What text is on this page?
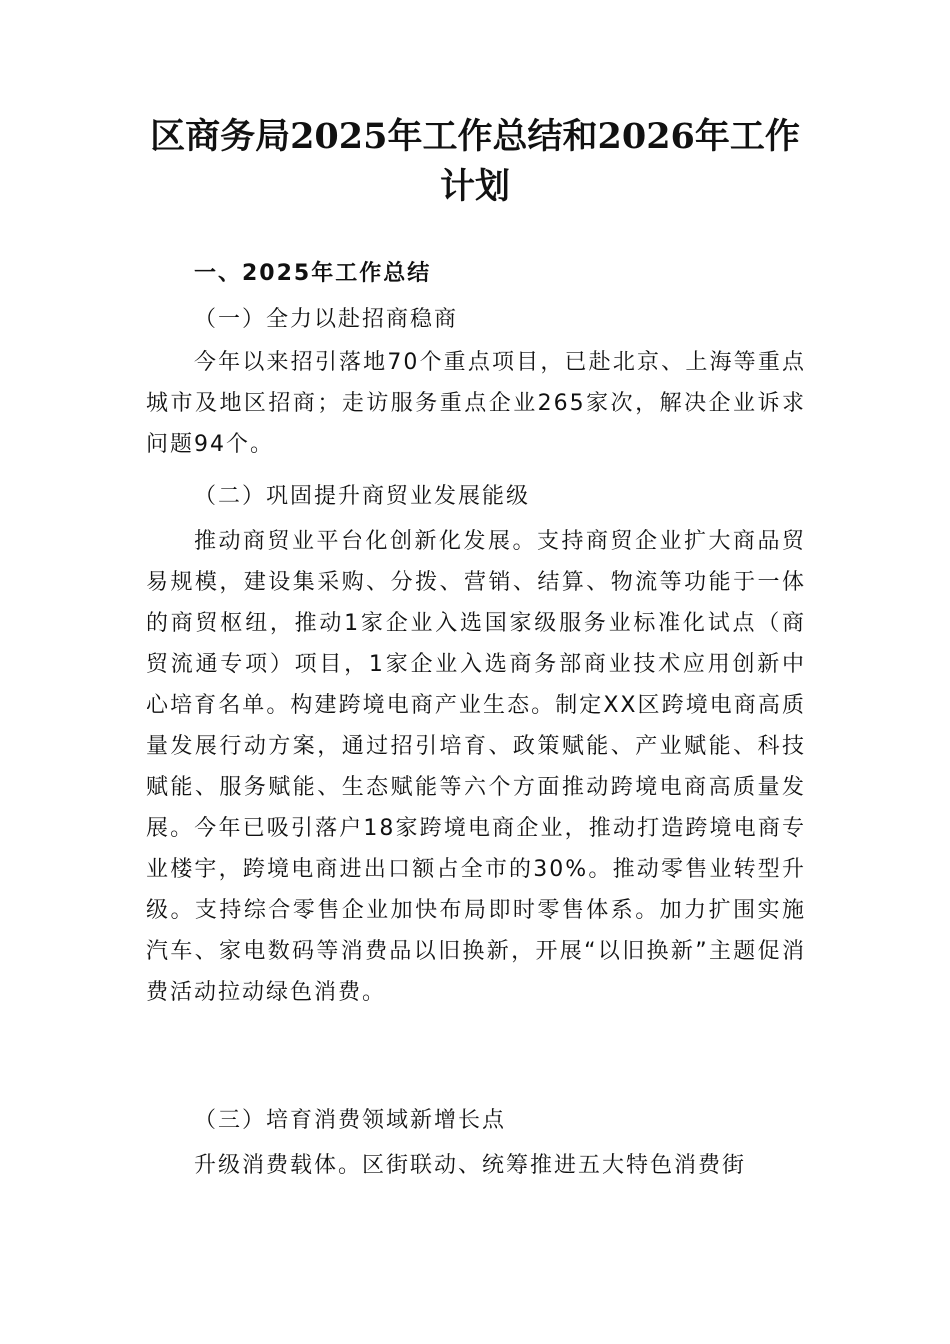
区商务局2025年工作总结和2026年工作计划

一、2025年工作总结

（一）全力以赴招商稳商

今年以来招引落地70个重点项目，已赴北京、上海等重点城市及地区招商；走访服务重点企业265家次，解决企业诉求问题94个。

（二）巩固提升商贸业发展能级

推动商贸业平台化创新化发展。支持商贸企业扩大商品贸易规模，建设集采购、分拨、营销、结算、物流等功能于一体的商贸枢纽，推动1家企业入选国家级服务业标准化试点（商贸流通专项）项目，1家企业入选商务部商业技术应用创新中心培育名单。构建跨境电商产业生态。制定XX区跨境电商高质量发展行动方案，通过招引培育、政策赋能、产业赋能、科技赋能、服务赋能、生态赋能等六个方面推动跨境电商高质量发展。今年已吸引落户18家跨境电商企业，推动打造跨境电商专业楼宇，跨境电商进出口额占全市的30%。推动零售业转型升级。支持综合零售企业加快布局即时零售体系。加力扩围实施汽车、家电数码等消费品以旧换新，开展“以旧换新”主题促消费活动拉动绿色消费。

（三）培育消费领域新增长点

升级消费载体。区街联动、统筹推进五大特色消费街
